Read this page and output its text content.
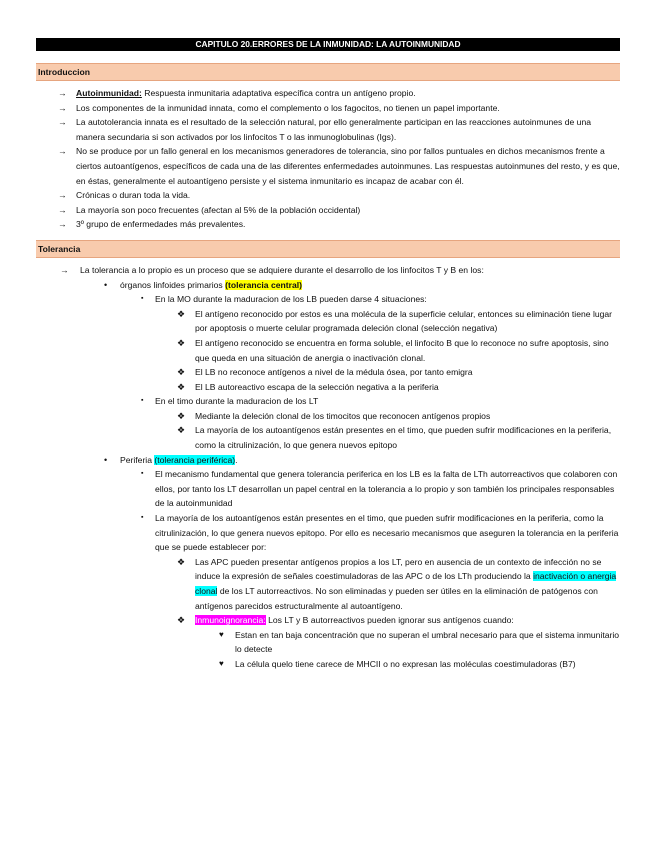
CAPITULO 20.ERRORES DE LA INMUNIDAD: LA AUTOINMUNIDAD
Introduccion
→ Autoinmunidad: Respuesta inmunitaria adaptativa específica contra un antígeno propio.
→ Los componentes de la inmunidad innata, como el complemento o los fagocitos, no tienen un papel importante.
→ La autotolerancia innata es el resultado de la selección natural, por ello generalmente participan en las reacciones autoinmunes de una manera secundaria si son activados por los linfocitos T o las inmunoglobulinas (Igs).
→ No se produce por un fallo general en los mecanismos generadores de tolerancia, sino por fallos puntuales en dichos mecanismos frente a ciertos autoantígenos, específicos de cada una de las diferentes enfermedades autoinmunes. Las respuestas autoinmunes del resto, y es que, en éstas, generalmente el autoantígeno persiste y el sistema inmunitario es incapaz de acabar con él.
→ Crónicas o duran toda la vida.
→ La mayoría son poco frecuentes (afectan al 5% de la población occidental)
→ 3º grupo de enfermedades más prevalentes.
Tolerancia
→ La tolerancia a lo propio es un proceso que se adquiere durante el desarrollo de los linfocitos T y B en los:
• órganos linfoides primarios (tolerancia central)
▪ En la MO durante la maduracion de los LB pueden darse 4 situaciones:
❖ El antígeno reconocido por estos es una molécula de la superficie celular, entonces su eliminación tiene lugar por apoptosis o muerte celular programada deleción clonal (selección negativa)
❖ El antígeno reconocido se encuentra en forma soluble, el linfocito B que lo reconoce no sufre apoptosis, sino que queda en una situación de anergia o inactivación clonal.
❖ El LB no reconoce antígenos a nivel de la médula ósea, por tanto emigra
❖ El LB autoreactivo escapa de la selección negativa a la periferia
▪ En el timo durante la maduracion de los LT
❖ Mediante la deleción clonal de los timocitos que reconocen antígenos propios
❖ La mayoría de los autoantígenos están presentes en el timo, que pueden sufrir modificaciones en la periferia, como la citrulinización, lo que genera nuevos epitopo
• Periferia (tolerancia periférica).
▪ El mecanismo fundamental que genera tolerancia periferica en los LB es la falta de LTh autorreactivos que colaboren con ellos, por tanto los LT desarrollan un papel central en la tolerancia a lo propio y son también los principales responsables de la autoinmunidad
▪ La mayoría de los autoantígenos están presentes en el timo, que pueden sufrir modificaciones en la periferia, como la citrulinización, lo que genera nuevos epitopo. Por ello es necesario mecanismos que aseguren la tolerancia en la periferia que se puede establecer por:
❖ Las APC pueden presentar antígenos propios a los LT, pero en ausencia de un contexto de infección no se induce la expresión de señales coestimuladoras de las APC o de los LTh produciendo la inactivación o anergia clonal de los LT autorreactivos. No son eliminadas y pueden ser útiles en la eliminación de patógenos con antígenos parecidos estructuralmente al autoantígeno.
❖ Inmunoignorancia: Los LT y B autorreactivos pueden ignorar sus antígenos cuando:
♥ Estan en tan baja concentración que no superan el umbral necesario para que el sistema inmunitario lo detecte
♥ La célula quelo tiene carece de MHCII o no expresan las moléculas coestimuladoras (B7)
